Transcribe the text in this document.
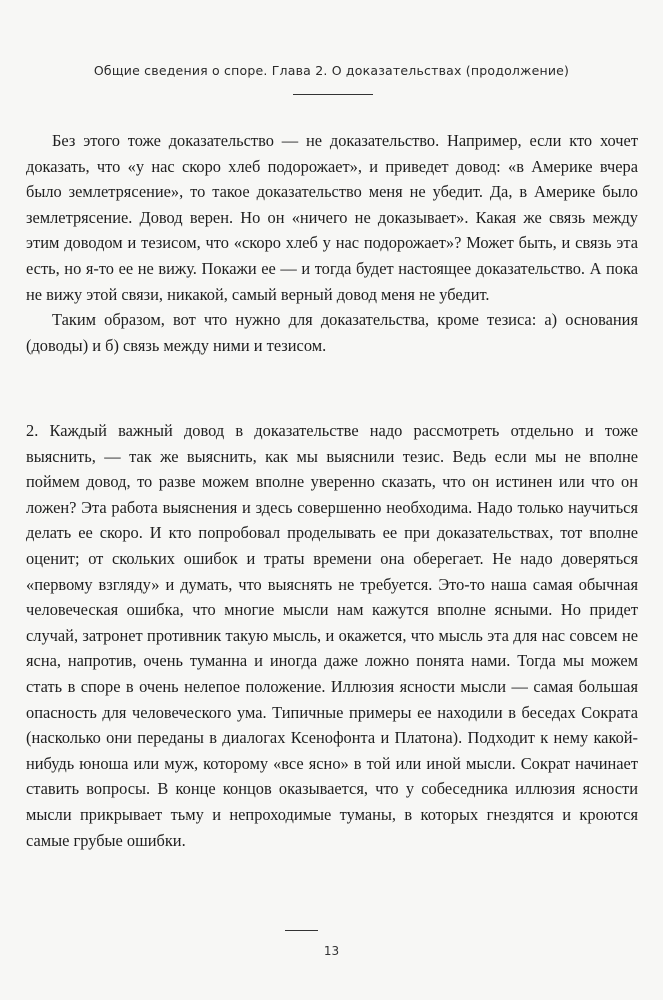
Общие сведения о споре. Глава 2. О доказательствах (продолжение)

Без этого тоже доказательство — не доказательство. Например, если кто хочет доказать, что «у нас скоро хлеб подорожает», и приведет довод: «в Америке вчера было землетрясение», то такое доказательство меня не убедит. Да, в Америке было землетрясение. Довод верен. Но он «ничего не доказывает». Какая же связь между этим доводом и тезисом, что «скоро хлеб у нас подорожает»? Может быть, и связь эта есть, но я-то ее не вижу. Покажи ее — и тогда будет настоящее доказательство. А пока не вижу этой связи, никакой, самый верный довод меня не убедит.

Таким образом, вот что нужно для доказательства, кроме тезиса: а) основания (доводы) и б) связь между ними и тезисом.

2. Каждый важный довод в доказательстве надо рассмотреть отдельно и тоже выяснить, — так же выяснить, как мы выяснили тезис. Ведь если мы не вполне поймем довод, то разве можем вполне уверенно сказать, что он истинен или что он ложен? Эта работа выяснения и здесь совершенно необходима. Надо только научиться делать ее скоро. И кто попробовал проделывать ее при доказательствах, тот вполне оценит; от скольких ошибок и траты времени она оберегает. Не надо доверяться «первому взгляду» и думать, что выяснять не требуется. Это-то наша самая обычная человеческая ошибка, что многие мысли нам кажутся вполне ясными. Но придет случай, затронет противник такую мысль, и окажется, что мысль эта для нас совсем не ясна, напротив, очень туманна и иногда даже ложно понята нами. Тогда мы можем стать в споре в очень нелепое положение. Иллюзия ясности мысли — самая большая опасность для человеческого ума. Типичные примеры ее находили в беседах Сократа (насколько они переданы в диалогах Ксенофонта и Платона). Подходит к нему какой-нибудь юноша или муж, которому «все ясно» в той или иной мысли. Сократ начинает ставить вопросы. В конце концов оказывается, что у собеседника иллюзия ясности мысли прикрывает тьму и непроходимые туманы, в которых гнездятся и кроются самые грубые ошибки.

13
